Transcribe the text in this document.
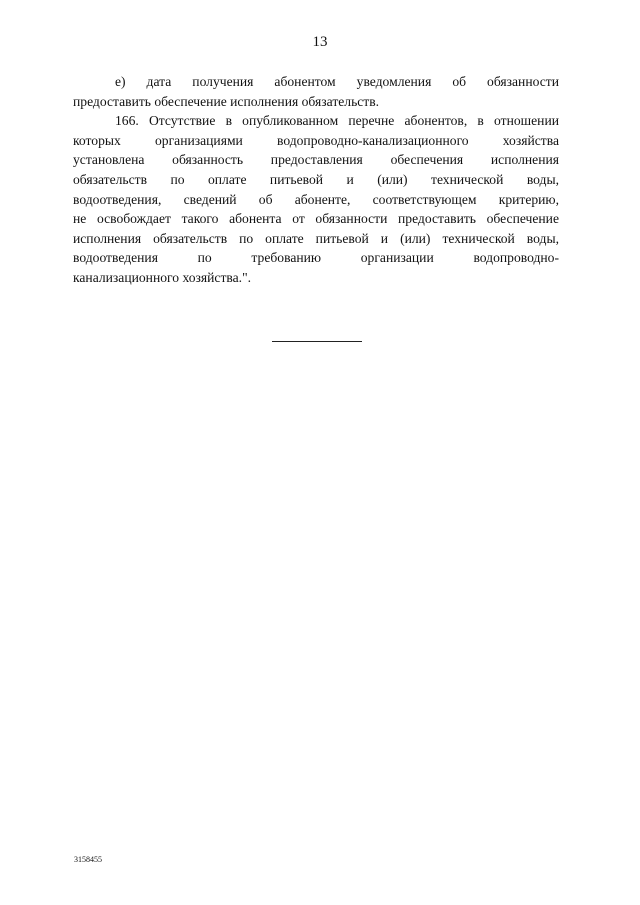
13

е) дата получения абонентом уведомления об обязанности
предоставить обеспечение исполнения обязательств.

166. Отсутствие в опубликованном перечне абонентов, в отношении
которых организациями водопроводно-канализационного хозяйства
установлена обязанность предоставления обеспечения исполнения
обязательств по оплате питьевой и (или) технической воды,
водоотведения, сведений об абоненте, соответствующем критерию,
не освобождает такого абонента от обязанности предоставить обеспечение
исполнения обязательств по оплате питьевой и (или) технической воды,
водоотведения по требованию организации водопроводно-
канализационного хозяйства.".

3158455
